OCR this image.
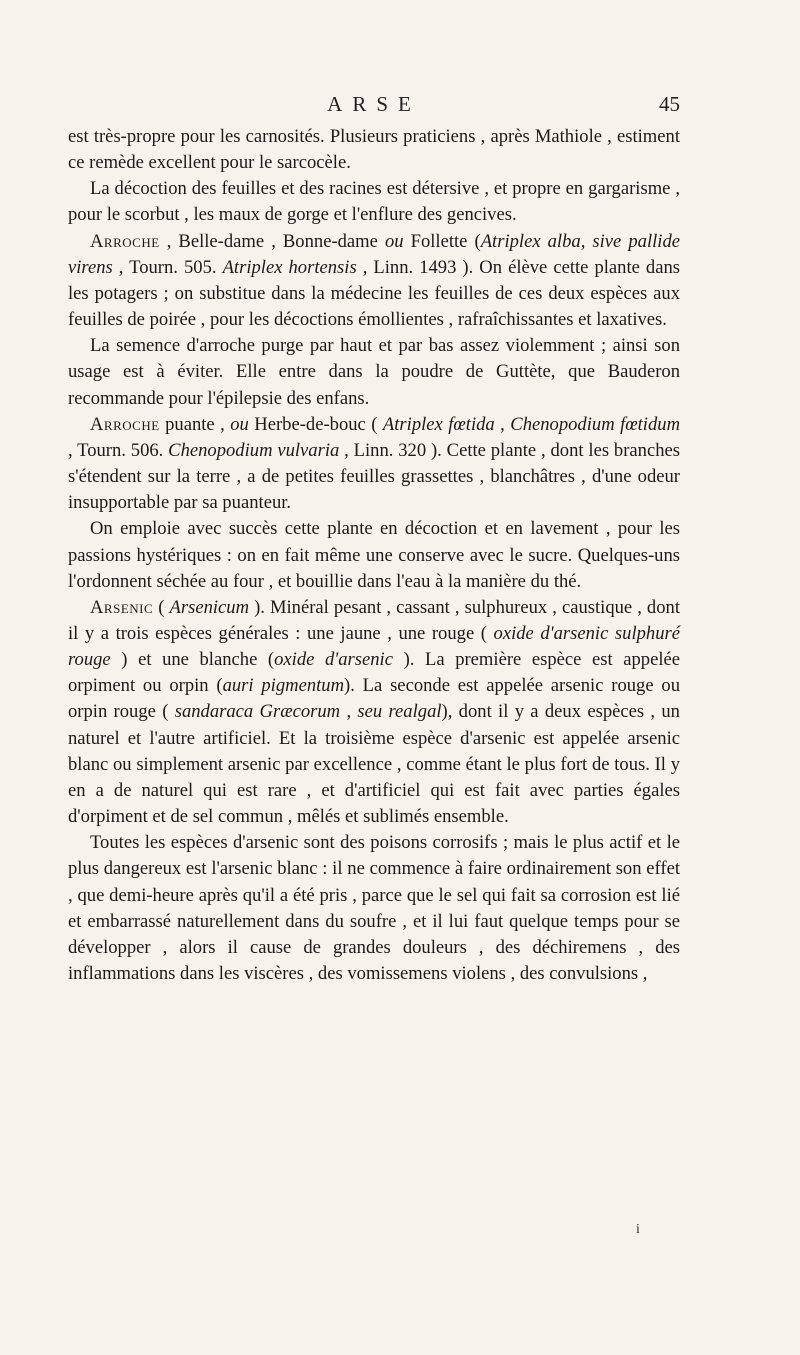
ARSE	45

est très-propre pour les carnosités. Plusieurs praticiens , après Mathiole , estiment ce remède excellent pour le sarcocèle.

La décoction des feuilles et des racines est détersive , et propre en gargarisme , pour le scorbut , les maux de gorge et l'enflure des gencives.

Arroche , Belle-dame , Bonne-dame ou Follette (Atriplex alba, sive pallide virens , Tourn. 505. Atriplex hortensis , Linn. 1493 ). On élève cette plante dans les potagers ; on substitue dans la médecine les feuilles de ces deux espèces aux feuilles de poirée , pour les décoctions émollientes , rafraîchissantes et laxatives.

La semence d'arroche purge par haut et par bas assez violemment ; ainsi son usage est à éviter. Elle entre dans la poudre de Guttète, que Bauderon recommande pour l'épilepsie des enfans.

Arroche puante , ou Herbe-de-bouc ( Atriplex fœtida , Chenopodium fœtidum , Tourn. 506. Chenopodium vulvaria , Linn. 320 ). Cette plante , dont les branches s'étendent sur la terre , a de petites feuilles grassettes , blanchâtres , d'une odeur insupportable par sa puanteur.

On emploie avec succès cette plante en décoction et en lavement , pour les passions hystériques : on en fait même une conserve avec le sucre. Quelques-uns l'ordonnent séchée au four , et bouillie dans l'eau à la manière du thé.

Arsenic ( Arsenicum ). Minéral pesant , cassant , sulphureux , caustique , dont il y a trois espèces générales : une jaune , une rouge ( oxide d'arsenic sulphuré rouge ) et une blanche (oxide d'arsenic ). La première espèce est appelée orpiment ou orpin (auri pigmentum). La seconde est appelée arsenic rouge ou orpin rouge ( sandaraca Græcorum , seu realgal), dont il y a deux espèces , un naturel et l'autre artificiel. Et la troisième espèce d'arsenic est appelée arsenic blanc ou simplement arsenic par excellence , comme étant le plus fort de tous. Il y en a de naturel qui est rare , et d'artificiel qui est fait avec parties égales d'orpiment et de sel commun , mêlés et sublimés ensemble.

Toutes les espèces d'arsenic sont des poisons corrosifs ; mais le plus actif et le plus dangereux est l'arsenic blanc : il ne commence à faire ordinairement son effet , que demi-heure après qu'il a été pris , parce que le sel qui fait sa corrosion est lié et embarrassé naturellement dans du soufre , et il lui faut quelque temps pour se développer , alors il cause de grandes douleurs , des déchiremens , des inflammations dans les viscères , des vomissemens violens , des convulsions ,

i
